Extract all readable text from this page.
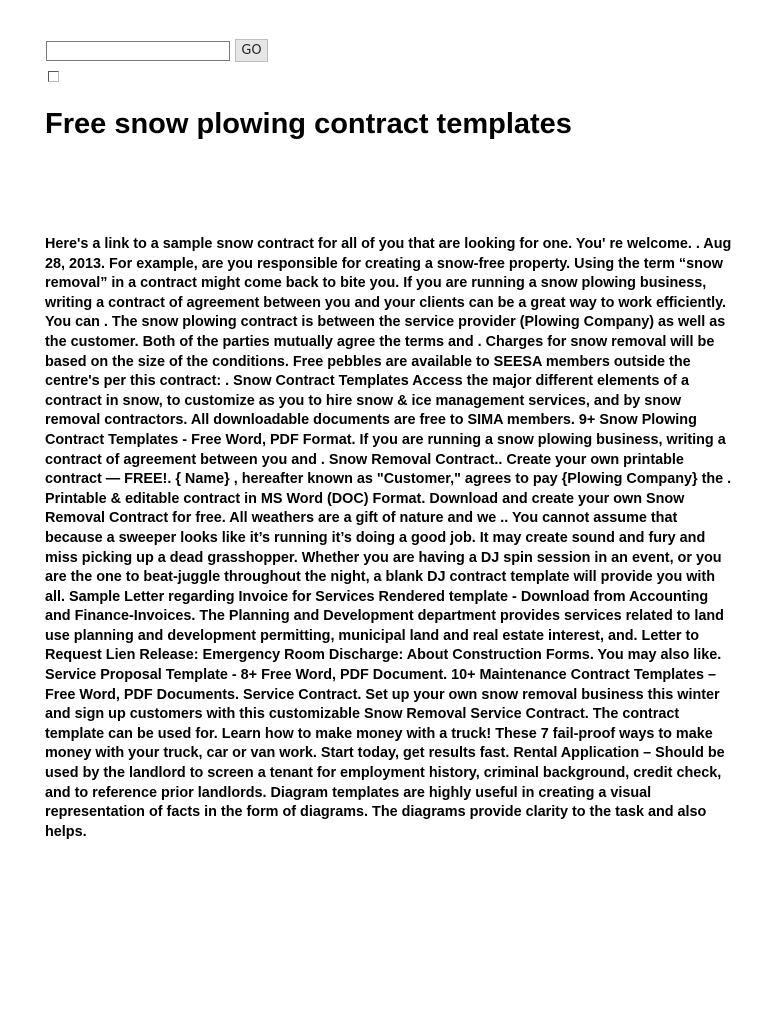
GO
Free snow plowing contract templates

Here's a link to a sample snow contract for all of you that are looking for one. You' re welcome. . Aug 28, 2013. For example, are you responsible for creating a snow-free property. Using the term “snow removal” in a contract might come back to bite you. If you are running a snow plowing business, writing a contract of agreement between you and your clients can be a great way to work efficiently. You can . The snow plowing contract is between the service provider (Plowing Company) as well as the customer. Both of the parties mutually agree the terms and . Charges for snow removal will be based on the size of the conditions. Free pebbles are available to SEESA members outside the centre's per this contract: . Snow Contract Templates Access the major different elements of a contract in snow, to customize as you to hire snow & ice management services, and by snow removal contractors. All downloadable documents are free to SIMA members. 9+ Snow Plowing Contract Templates - Free Word, PDF Format. If you are running a snow plowing business, writing a contract of agreement between you and . Snow Removal Contract.. Create your own printable contract — FREE!. { Name} , hereafter known as "Customer," agrees to pay {Plowing Company} the . Printable & editable contract in MS Word (DOC) Format. Download and create your own Snow Removal Contract for free. All weathers are a gift of nature and we .. You cannot assume that because a sweeper looks like it’s running it’s doing a good job. It may create sound and fury and miss picking up a dead grasshopper. Whether you are having a DJ spin session in an event, or you are the one to beat-juggle throughout the night, a blank DJ contract template will provide you with all. Sample Letter regarding Invoice for Services Rendered template - Download from Accounting and Finance-Invoices. The Planning and Development department provides services related to land use planning and development permitting, municipal land and real estate interest, and. Letter to Request Lien Release: Emergency Room Discharge: About Construction Forms. You may also like. Service Proposal Template - 8+ Free Word, PDF Document. 10+ Maintenance Contract Templates – Free Word, PDF Documents. Service Contract. Set up your own snow removal business this winter and sign up customers with this customizable Snow Removal Service Contract. The contract template can be used for. Learn how to make money with a truck! These 7 fail-proof ways to make money with your truck, car or van work. Start today, get results fast. Rental Application – Should be used by the landlord to screen a tenant for employment history, criminal background, credit check, and to reference prior landlords. Diagram templates are highly useful in creating a visual representation of facts in the form of diagrams. The diagrams provide clarity to the task and also helps.
